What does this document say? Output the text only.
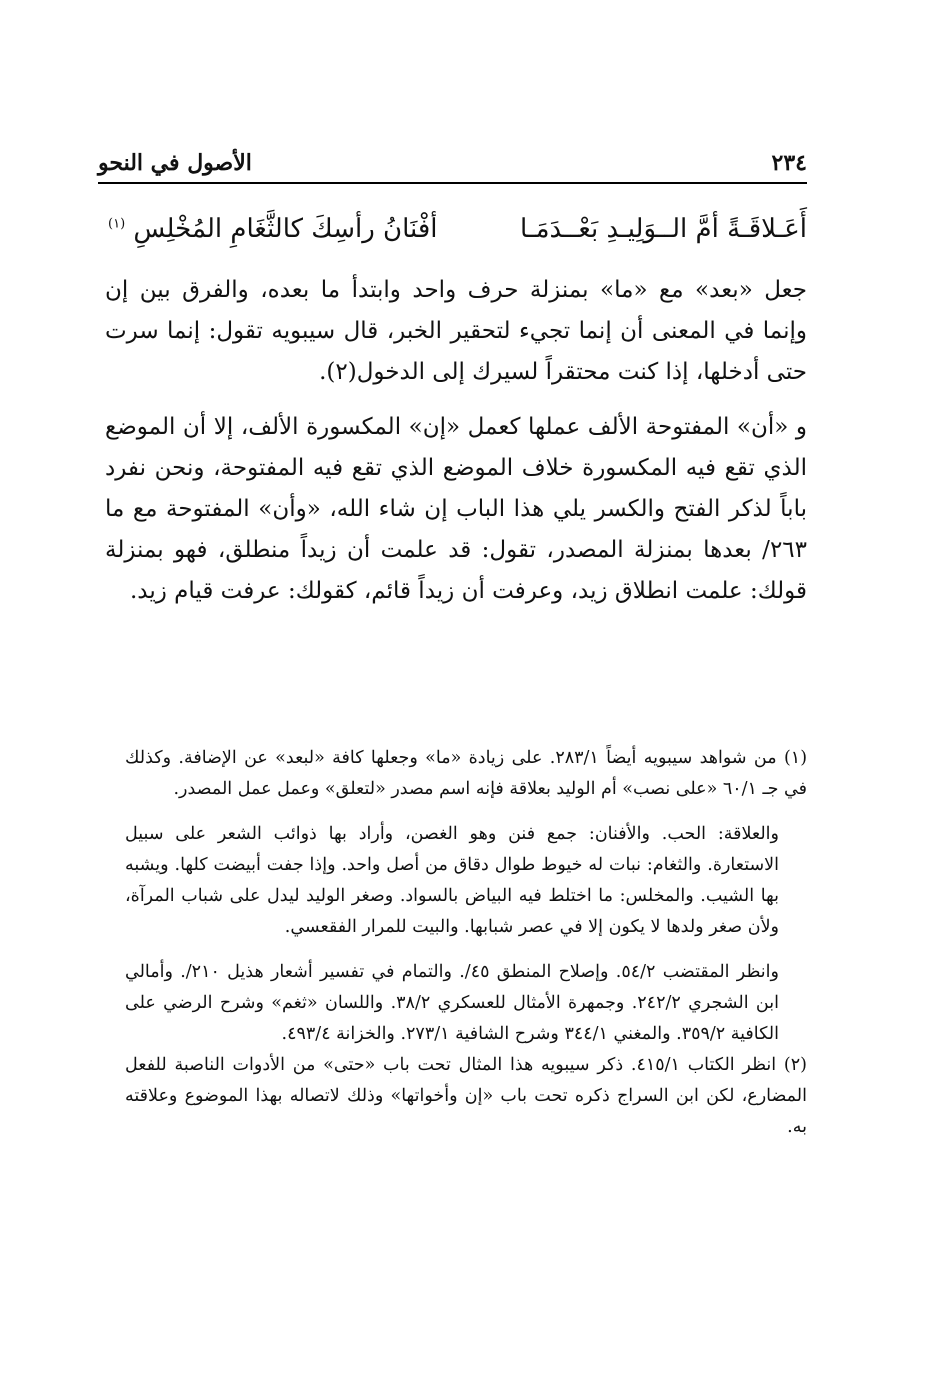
٢٣٤
الأصول في النحو
أَعَـلاقَـةً أمَّ الــوَلِيـدِ بَعْــدَمَـا
أفْنَانُ رأسِكَ كالثَّغَامِ المُخْلِسِ $^{(١)}$

جعل «بعد» مع «ما» بمنزلة حرف واحد وابتدأ ما بعده، والفرق بين إن وإنما في المعنى أن إنما تجيء لتحقير الخبر، قال سيبويه تقول: إنما سرت حتى أدخلها، إذا كنت محتقراً لسيرك إلى الدخول(٢).

و «أن» المفتوحة الألف عملها كعمل «إن» المكسورة الألف، إلا أن الموضع الذي تقع فيه المكسورة خلاف الموضع الذي تقع فيه المفتوحة، ونحن نفرد باباً لذكر الفتح والكسر يلي هذا الباب إن شاء الله، «وأن» المفتوحة مع ما ٢٦٣/ بعدها بمنزلة المصدر، تقول: قد علمت أن زيداً منطلق، فهو بمنزلة قولك: علمت انطلاق زيد، وعرفت أن زيداً قائم، كقولك: عرفت قيام زيد.

(١) من شواهد سيبويه أيضاً ٢٨٣/١. على زيادة «ما» وجعلها كافة «لبعد» عن الإضافة. وكذلك في جـ ٦٠/١ «على نصب» أم الوليد بعلاقة فإنه اسم مصدر «لتعلق» وعمل عمل المصدر.

والعلاقة: الحب. والأفنان: جمع فنن وهو الغصن، وأراد بها ذوائب الشعر على سبيل الاستعارة. والثغام: نبات له خيوط طوال دقاق من أصل واحد. وإذا جفت أبيضت كلها. ويشبه بها الشيب. والمخلس: ما اختلط فيه البياض بالسواد. وصغر الوليد ليدل على شباب المرآة، ولأن صغر ولدها لا يكون إلا في عصر شبابها. والبيت للمرار الفقعسي.

وانظر المقتضب ٥٤/٢. وإصلاح المنطق ٤٥/. والتمام في تفسير أشعار هذيل ٢١٠/. وأمالي ابن الشجري ٢٤٢/٢. وجمهرة الأمثال للعسكري ٣٨/٢. واللسان «ثغم» وشرح الرضي على الكافية ٣٥٩/٢. والمغني ٣٤٤/١ وشرح الشافية ٢٧٣/١. والخزانة ٤٩٣/٤.

(٢) انظر الكتاب ٤١٥/١. ذكر سيبويه هذا المثال تحت باب «حتى» من الأدوات الناصبة للفعل المضارع، لكن ابن السراج ذكره تحت باب «إن وأخواتها» وذلك لاتصاله بهذا الموضوع وعلاقته به.
